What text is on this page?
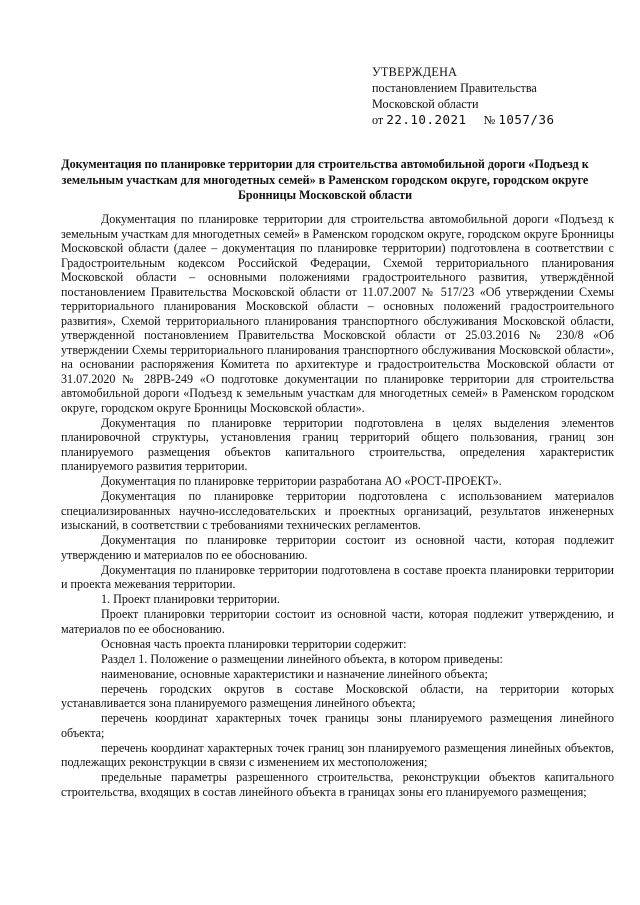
УТВЕРЖДЕНА
постановлением Правительства
Московской области
от 22.10.2021 № 1057/36
Документация по планировке территории для строительства автомобильной дороги «Подъезд к земельным участкам для многодетных семей» в Раменском городском округе, городском округе Бронницы Московской области

Документация по планировке территории для строительства автомобильной дороги «Подъезд к земельным участкам для многодетных семей» в Раменском городском округе, городском округе Бронницы Московской области (далее – документация по планировке территории) подготовлена в соответствии с Градостроительным кодексом Российской Федерации, Схемой территориального планирования Московской области – основными положениями градостроительного развития, утверждённой постановлением Правительства Московской области от 11.07.2007 № 517/23 «Об утверждении Схемы территориального планирования Московской области – основных положений градостроительного развития», Схемой территориального планирования транспортного обслуживания Московской области, утвержденной постановлением Правительства Московской области от 25.03.2016 № 230/8 «Об утверждении Схемы территориального планирования транспортного обслуживания Московской области», на основании распоряжения Комитета по архитектуре и градостроительства Московской области от 31.07.2020 № 28РВ-249 «О подготовке документации по планировке территории для строительства автомобильной дороги «Подъезд к земельным участкам для многодетных семей» в Раменском городском округе, городском округе Бронницы Московской области».

Документация по планировке территории подготовлена в целях выделения элементов планировочной структуры, установления границ территорий общего пользования, границ зон планируемого размещения объектов капитального строительства, определения характеристик планируемого развития территории.

Документация по планировке территории разработана АО «РОСТ-ПРОЕКТ».

Документация по планировке территории подготовлена с использованием материалов специализированных научно-исследовательских и проектных организаций, результатов инженерных изысканий, в соответствии с требованиями технических регламентов.

Документация по планировке территории состоит из основной части, которая подлежит утверждению и материалов по ее обоснованию.

Документация по планировке территории подготовлена в составе проекта планировки территории и проекта межевания территории.

1. Проект планировки территории.

Проект планировки территории состоит из основной части, которая подлежит утверждению, и материалов по ее обоснованию.

Основная часть проекта планировки территории содержит:

Раздел 1. Положение о размещении линейного объекта, в котором приведены:

наименование, основные характеристики и назначение линейного объекта;

перечень городских округов в составе Московской области, на территории которых устанавливается зона планируемого размещения линейного объекта;

перечень координат характерных точек границы зоны планируемого размещения линейного объекта;

перечень координат характерных точек границ зон планируемого размещения линейных объектов, подлежащих реконструкции в связи с изменением их местоположения;

предельные параметры разрешенного строительства, реконструкции объектов капитального строительства, входящих в состав линейного объекта в границах зоны его планируемого размещения;
